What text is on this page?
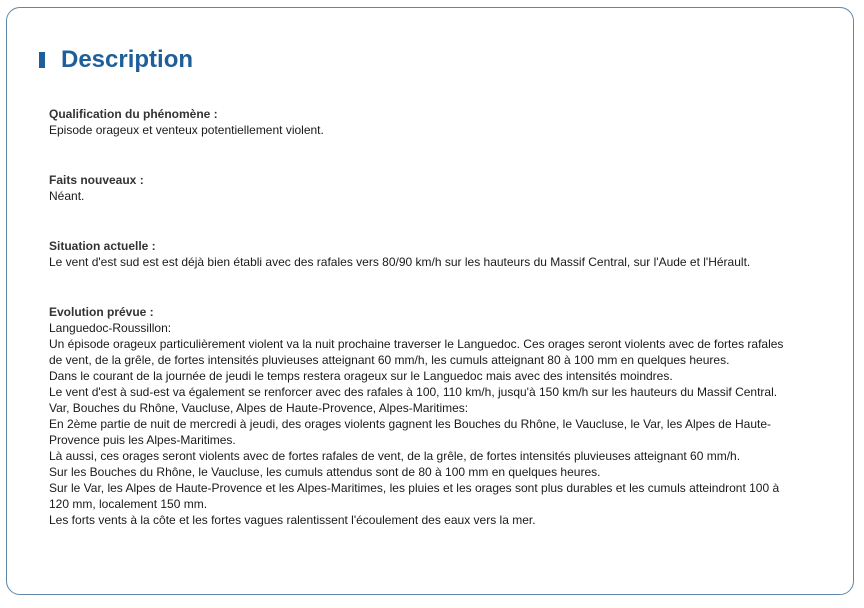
Description
Qualification du phénomène :
Episode orageux et venteux potentiellement violent.
Faits nouveaux :
Néant.
Situation actuelle :
Le vent d'est sud est est déjà bien établi avec des rafales vers 80/90 km/h sur les hauteurs du Massif Central, sur l'Aude et l'Hérault.
Evolution prévue :
Languedoc-Roussillon:
Un épisode orageux particulièrement violent va la nuit prochaine traverser le Languedoc. Ces orages seront violents avec de fortes rafales de vent, de la grêle, de fortes intensités pluvieuses atteignant 60 mm/h, les cumuls atteignant 80 à 100 mm en quelques heures.
Dans le courant de la journée de jeudi le temps restera orageux sur le Languedoc mais avec des intensités moindres.
Le vent d'est à sud-est va également se renforcer avec des rafales à 100, 110 km/h, jusqu'à 150 km/h sur les hauteurs du Massif Central.
Var, Bouches du Rhône, Vaucluse, Alpes de Haute-Provence, Alpes-Maritimes:
En 2ème partie de nuit de mercredi à jeudi, des orages violents gagnent les Bouches du Rhône, le Vaucluse, le Var, les Alpes de Haute-Provence puis les Alpes-Maritimes.
Là aussi, ces orages seront violents avec de fortes rafales de vent, de la grêle, de fortes intensités pluvieuses atteignant 60 mm/h.
Sur les Bouches du Rhône, le Vaucluse, les cumuls attendus sont de 80 à 100 mm en quelques heures.
Sur le Var, les Alpes de Haute-Provence et les Alpes-Maritimes, les pluies et les orages sont plus durables et les cumuls atteindront 100 à 120 mm, localement 150 mm.
Les forts vents à la côte et les fortes vagues ralentissent l'écoulement des eaux vers la mer.
